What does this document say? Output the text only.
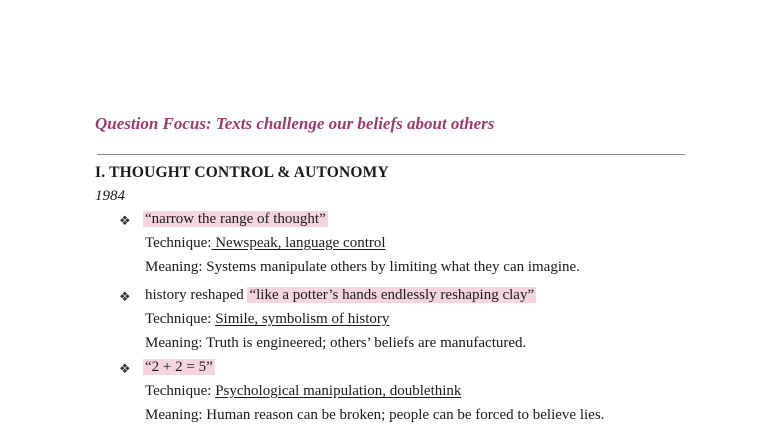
Question Focus: Texts challenge our beliefs about others
I. THOUGHT CONTROL & AUTONOMY
1984
❖ “narrow the range of thought”
Technique: Newspeak, language control
Meaning: Systems manipulate others by limiting what they can imagine.
❖ history reshaped “like a potter’s hands endlessly reshaping clay”
Technique: Simile, symbolism of history
Meaning: Truth is engineered; others’ beliefs are manufactured.
❖ “2 + 2 = 5”
Technique: Psychological manipulation, doublethink
Meaning: Human reason can be broken; people can be forced to believe lies.
